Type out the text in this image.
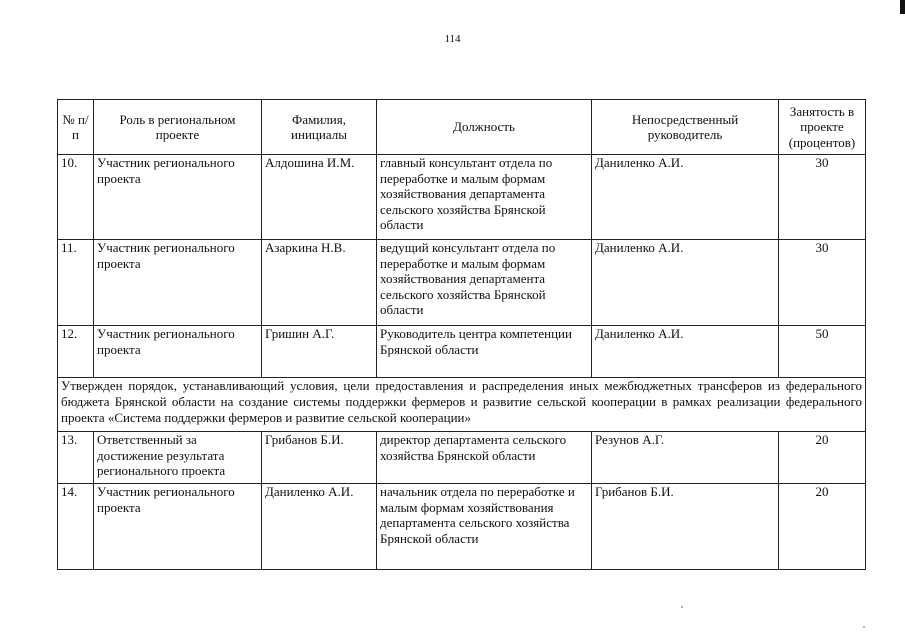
114
№ п/п	Роль в региональном проекте	Фамилия, инициалы	Должность	Непосредственный руководитель	Занятость в проекте (процентов)
10.	Участник регионального проекта	Алдошина И.М.	главный консультант отдела по переработке и малым формам хозяйствования департамента сельского хозяйства Брянской области	Даниленко А.И.	30
11.	Участник регионального проекта	Азаркина Н.В.	ведущий консультант отдела по переработке и малым формам хозяйствования департамента сельского хозяйства Брянской области	Даниленко А.И.	30
12.	Участник регионального проекта	Гришин А.Г.	Руководитель центра компетенции Брянской области	Даниленко А.И.	50
Утвержден порядок, устанавливающий условия, цели предоставления и распределения иных межбюджетных трансферов из федерального бюджета Брянской области на создание системы поддержки фермеров и развитие сельской кооперации в рамках реализации федерального проекта «Система поддержки фермеров и развитие сельской кооперации»					
13.	Ответственный за достижение результата регионального проекта	Грибанов Б.И.	директор департамента сельского хозяйства Брянской области	Резунов А.Г.	20
14.	Участник регионального проекта	Даниленко А.И.	начальник отдела по переработке и малым формам хозяйствования департамента сельского хозяйства Брянской области	Грибанов Б.И.	20
